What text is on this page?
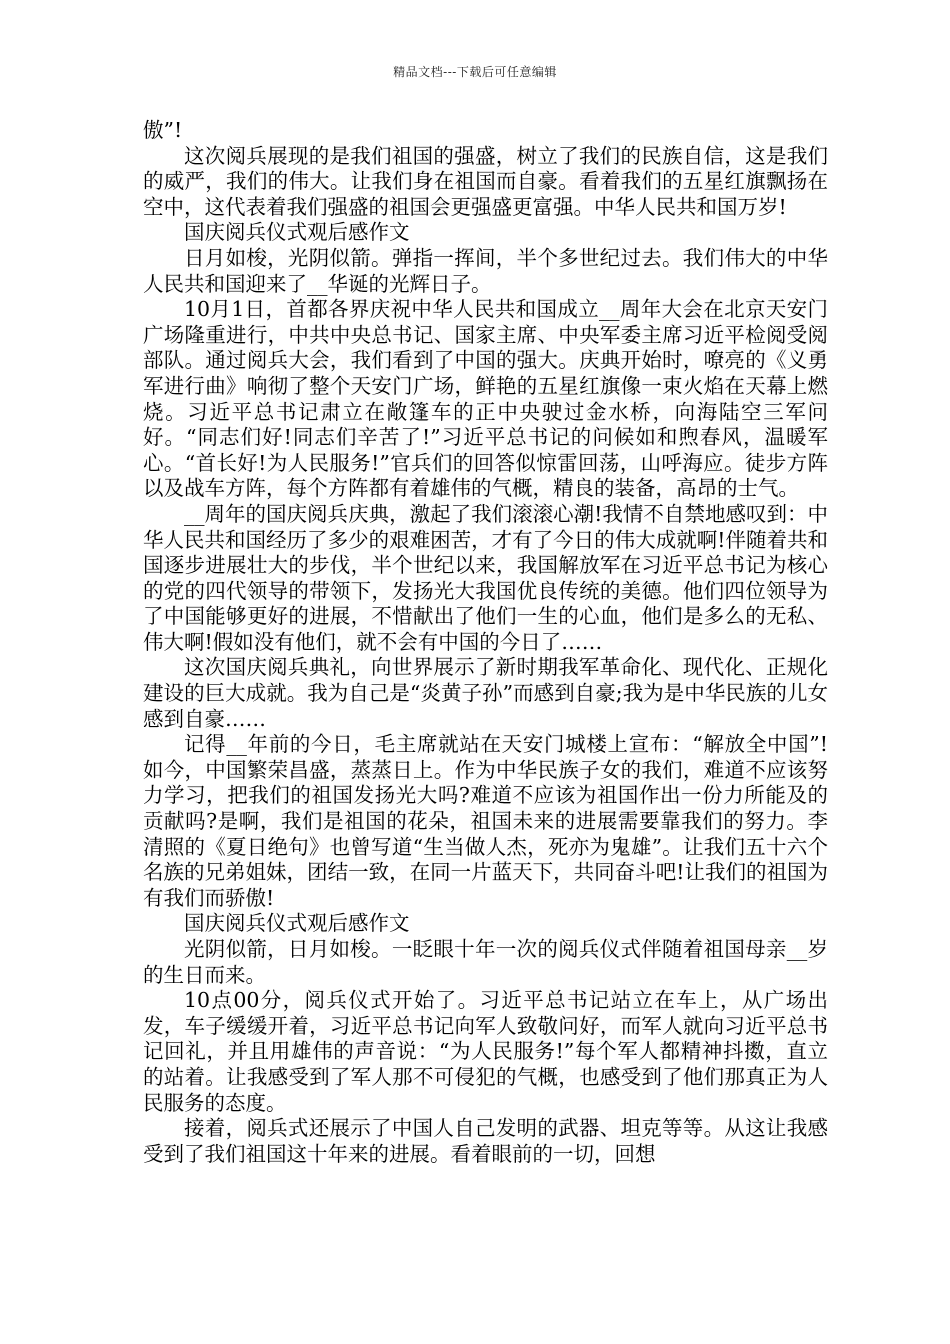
精品文档---下载后可任意编辑

傲”!

这次阅兵展现的是我们祖国的强盛，树立了我们的民族自信，这是我们的威严，我们的伟大。让我们身在祖国而自豪。看着我们的五星红旗飘扬在空中，这代表着我们强盛的祖国会更强盛更富强。中华人民共和国万岁!

国庆阅兵仪式观后感作文

日月如梭，光阴似箭。弹指一挥间，半个多世纪过去。我们伟大的中华人民共和国迎来了__华诞的光辉日子。

10月1日，首都各界庆祝中华人民共和国成立__周年大会在北京天安门广场隆重进行，中共中央总书记、国家主席、中央军委主席习近平检阅受阅部队。通过阅兵大会，我们看到了中国的强大。庆典开始时，嘹亮的《义勇军进行曲》响彻了整个天安门广场，鲜艳的五星红旗像一束火焰在天幕上燃烧。习近平总书记肃立在敞篷车的正中央驶过金水桥，向海陆空三军问好。“同志们好!同志们辛苦了!”习近平总书记的问候如和煦春风，温暖军心。“首长好!为人民服务!”官兵们的回答似惊雷回荡，山呼海应。徒步方阵以及战车方阵，每个方阵都有着雄伟的气概，精良的装备，高昂的士气。

__周年的国庆阅兵庆典，激起了我们滚滚心潮!我情不自禁地感叹到：中华人民共和国经历了多少的艰难困苦，才有了今日的伟大成就啊!伴随着共和国逐步进展壮大的步伐，半个世纪以来，我国解放军在习近平总书记为核心的党的四代领导的带领下，发扬光大我国优良传统的美德。他们四位领导为了中国能够更好的进展，不惜献出了他们一生的心血，他们是多么的无私、伟大啊!假如没有他们，就不会有中国的今日了……

这次国庆阅兵典礼，向世界展示了新时期我军革命化、现代化、正规化建设的巨大成就。我为自己是“炎黄子孙”而感到自豪;我为是中华民族的儿女感到自豪……

记得__年前的今日，毛主席就站在天安门城楼上宣布：“解放全中国”!如今，中国繁荣昌盛，蒸蒸日上。作为中华民族子女的我们，难道不应该努力学习，把我们的祖国发扬光大吗?难道不应该为祖国作出一份力所能及的贡献吗?是啊，我们是祖国的花朵，祖国未来的进展需要靠我们的努力。李清照的《夏日绝句》也曾写道“生当做人杰，死亦为鬼雄”。让我们五十六个名族的兄弟姐妹，团结一致，在同一片蓝天下，共同奋斗吧!让我们的祖国为有我们而骄傲!

国庆阅兵仪式观后感作文

光阴似箭，日月如梭。一眨眼十年一次的阅兵仪式伴随着祖国母亲__岁的生日而来。

10点00分，阅兵仪式开始了。习近平总书记站立在车上，从广场出发，车子缓缓开着，习近平总书记向军人致敬问好，而军人就向习近平总书记回礼，并且用雄伟的声音说：“为人民服务!”每个军人都精神抖擞，直立的站着。让我感受到了军人那不可侵犯的气概，也感受到了他们那真正为人民服务的态度。

接着，阅兵式还展示了中国人自己发明的武器、坦克等等。从这让我感受到了我们祖国这十年来的进展。看着眼前的一切，回想
